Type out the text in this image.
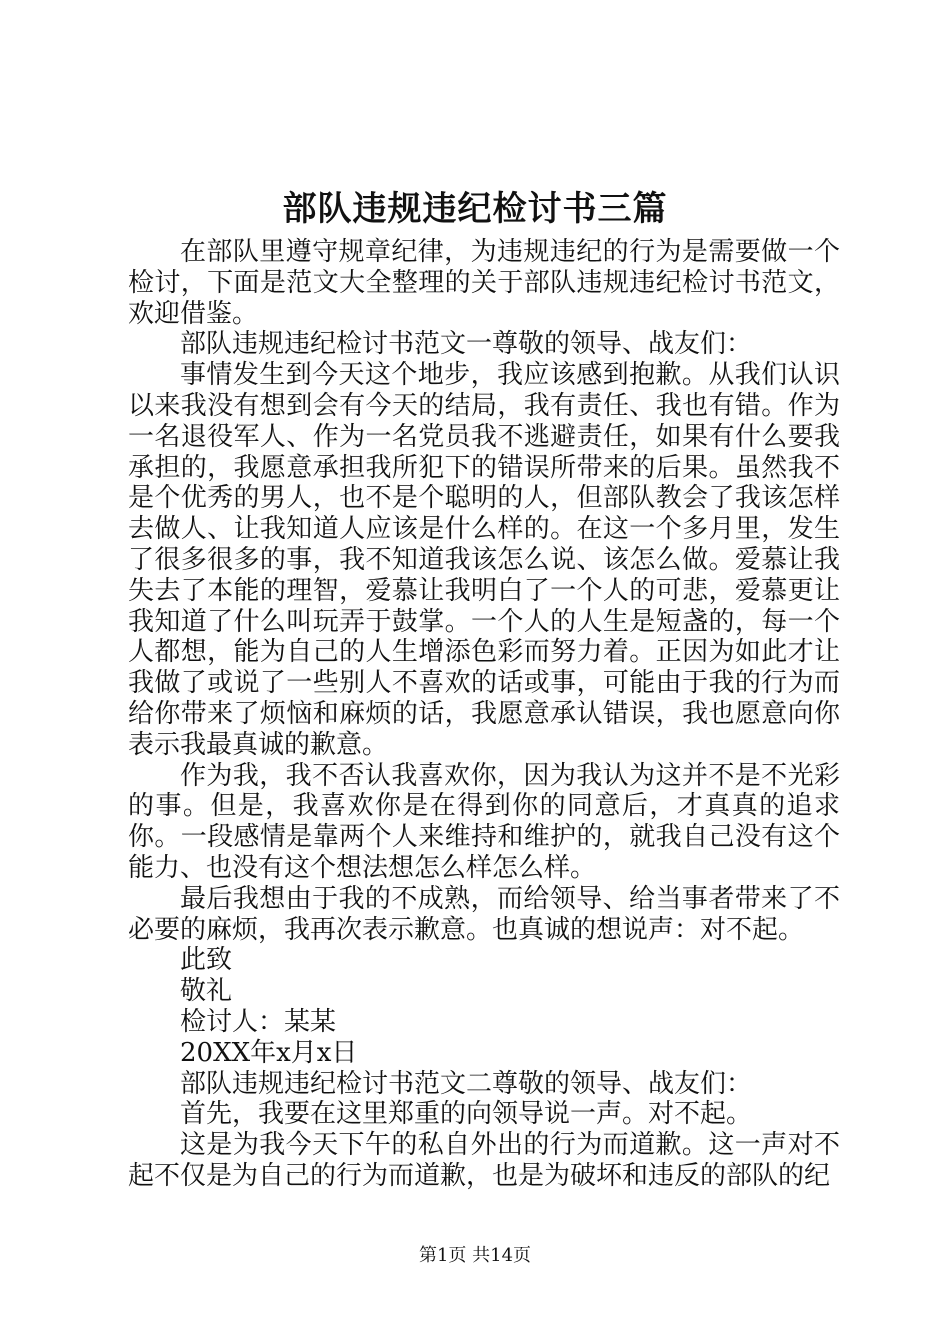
部队违规违纪检讨书三篇

在部队里遵守规章纪律，为违规违纪的行为是需要做一个检讨，下面是范文大全整理的关于部队违规违纪检讨书范文，欢迎借鉴。

部队违规违纪检讨书范文一尊敬的领导、战友们：

事情发生到今天这个地步，我应该感到抱歉。从我们认识以来我没有想到会有今天的结局，我有责任、我也有错。作为一名退役军人、作为一名党员我不逃避责任，如果有什么要我承担的，我愿意承担我所犯下的错误所带来的后果。虽然我不是个优秀的男人，也不是个聪明的人，但部队教会了我该怎样去做人、让我知道人应该是什么样的。在这一个多月里，发生了很多很多的事，我不知道我该怎么说、该怎么做。爱慕让我失去了本能的理智，爱慕让我明白了一个人的可悲，爱慕更让我知道了什么叫玩弄于鼓掌。一个人的人生是短盏的，每一个人都想，能为自己的人生增添色彩而努力着。正因为如此才让我做了或说了一些别人不喜欢的话或事，可能由于我的行为而给你带来了烦恼和麻烦的话，我愿意承认错误，我也愿意向你表示我最真诚的歉意。

作为我，我不否认我喜欢你，因为我认为这并不是不光彩的事。但是，我喜欢你是在得到你的同意后，才真真的追求你。一段感情是靠两个人来维持和维护的，就我自己没有这个能力、也没有这个想法想怎么样怎么样。

最后我想由于我的不成熟，而给领导、给当事者带来了不必要的麻烦，我再次表示歉意。也真诚的想说声：对不起。

此致

敬礼

检讨人：某某

20XX年x月x日

部队违规违纪检讨书范文二尊敬的领导、战友们：

首先，我要在这里郑重的向领导说一声。对不起。

这是为我今天下午的私自外出的行为而道歉。这一声对不起不仅是为自己的行为而道歉，也是为破坏和违反的部队的纪

第1页 共14页
